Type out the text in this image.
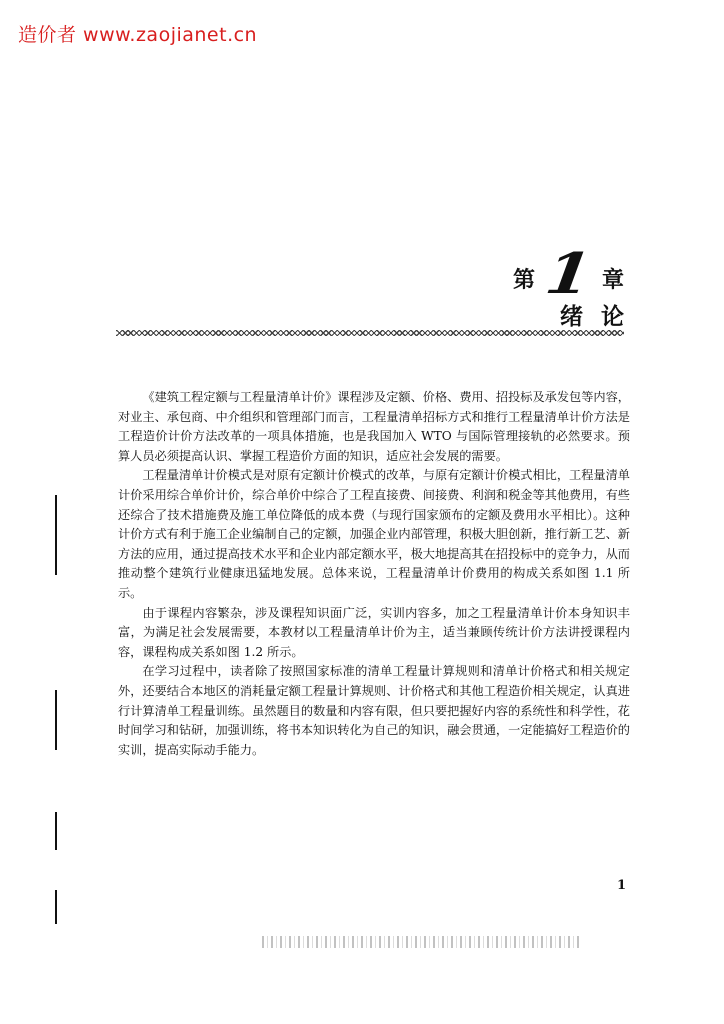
造价者 www.zaojianet.cn
第 1 章
绪论

《建筑工程定额与工程量清单计价》课程涉及定额、价格、费用、招投标及承发包等内容，对业主、承包商、中介组织和管理部门而言，工程量清单招标方式和推行工程量清单计价方法是工程造价计价方法改革的一项具体措施，也是我国加入 WTO 与国际管理接轨的必然要求。预算人员必须提高认识、掌握工程造价方面的知识，适应社会发展的需要。

工程量清单计价模式是对原有定额计价模式的改革，与原有定额计价模式相比，工程量清单计价采用综合单价计价，综合单价中综合了工程直接费、间接费、利润和税金等其他费用，有些还综合了技术措施费及施工单位降低的成本费（与现行国家颁布的定额及费用水平相比）。这种计价方式有利于施工企业编制自己的定额，加强企业内部管理，积极大胆创新，推行新工艺、新方法的应用，通过提高技术水平和企业内部定额水平，极大地提高其在招投标中的竞争力，从而推动整个建筑行业健康迅猛地发展。总体来说，工程量清单计价费用的构成关系如图 1.1 所示。

由于课程内容繁杂，涉及课程知识面广泛，实训内容多，加之工程量清单计价本身知识丰富，为满足社会发展需要，本教材以工程量清单计价为主，适当兼顾传统计价方法讲授课程内容，课程构成关系如图 1.2 所示。

在学习过程中，读者除了按照国家标准的清单工程量计算规则和清单计价格式和相关规定外，还要结合本地区的消耗量定额工程量计算规则、计价格式和其他工程造价相关规定，认真进行计算清单工程量训练。虽然题目的数量和内容有限，但只要把握好内容的系统性和科学性，花时间学习和钻研，加强训练，将书本知识转化为自己的知识，融会贯通，一定能搞好工程造价的实训，提高实际动手能力。

1
